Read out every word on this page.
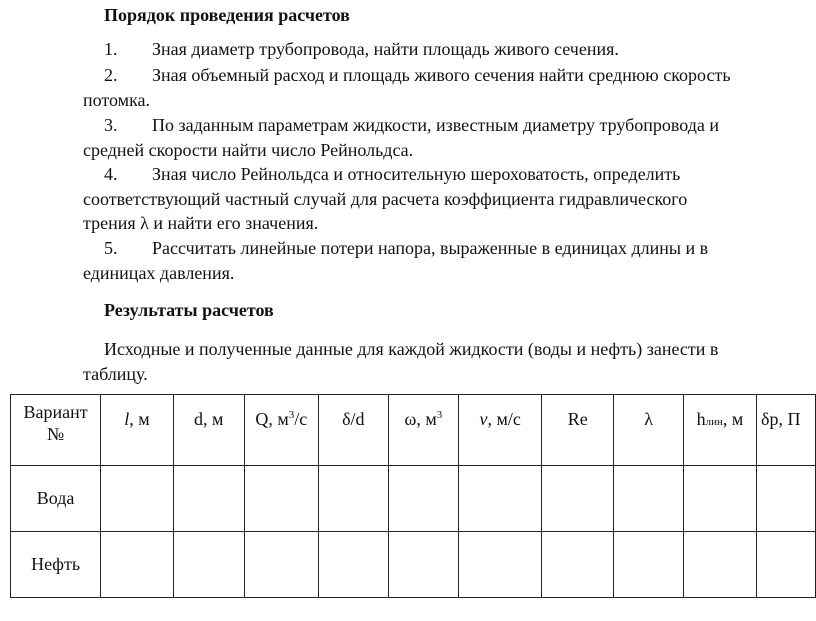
Порядок проведения расчетов
1. Зная диаметр трубопровода, найти площадь живого сечения.
2. Зная объемный расход и площадь живого сечения найти среднюю скорость
потомка.
3. По заданным параметрам жидкости, известным диаметру трубопровода и
средней скорости найти число Рейнольдса.
4. Зная число Рейнольдса и относительную шероховатость, определить
соответствующий частный случай для расчета коэффициента гидравлического
трения λ и найти его значения.
5. Рассчитать линейные потери напора, выраженные в единицах длины и в
единицах давления.
Результаты расчетов
Исходные и полученные данные для каждой жидкости (воды и нефть) занести в
таблицу.
Вариант
№	l, м	d, м	Q, $м^3/с$	δ/d	ω, $м^3$	ν, м/с	Re	λ	hлин, м	δр, П
Вода										
Нефть										
